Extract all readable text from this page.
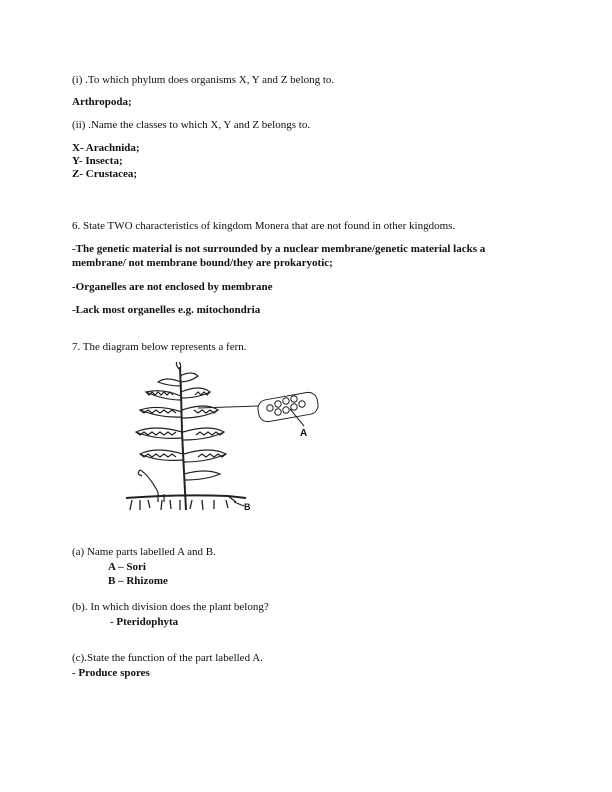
(i) .To which phylum does organisms X, Y and Z belong to.
Arthropoda;
(ii) .Name the classes to which X, Y and Z belongs to.
X- Arachnida;
Y- Insecta;
Z- Crustacea;
6. State TWO characteristics of kingdom Monera that are not found in other kingdoms.
-The genetic material is not surrounded by a nuclear membrane/genetic material lacks a
membrane/ not membrane bound/they are prokaryotic;
-Organelles are not enclosed by membrane
-Lack most organelles e.g. mitochondria
7. The diagram below represents a fern.
A
B
(a) Name parts labelled A and B.
A – Sori
B – Rhizome
(b). In which division does the plant belong?
- Pteridophyta
(c).State the function of the part labelled A.
- Produce spores
